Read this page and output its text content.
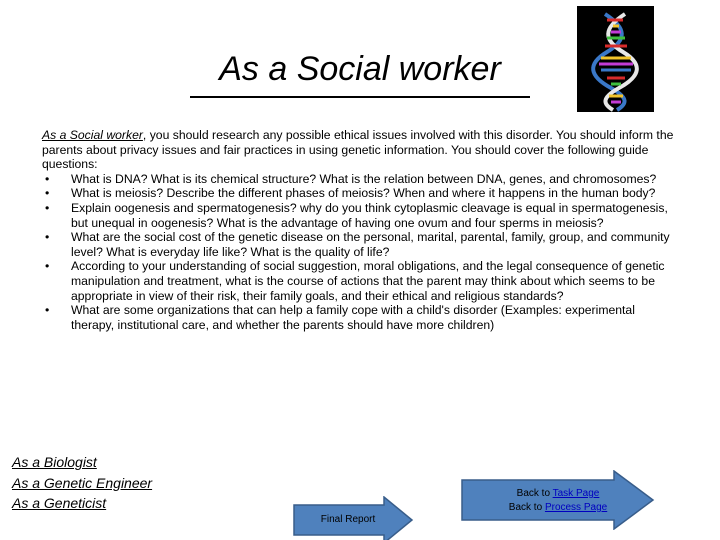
As a Social worker

As a Social worker, you should research any possible ethical issues involved with this disorder. You should inform the parents about privacy issues and fair practices in using genetic information. You should cover the following guide questions:

• What is DNA? What is its chemical structure? What is the relation between DNA, genes, and chromosomes?
• What is meiosis? Describe the different phases of meiosis? When and where it happens in the human body?
• Explain oogenesis and spermatogenesis? why do you think cytoplasmic cleavage is equal in spermatogenesis, but unequal in oogenesis? What is the advantage of having one ovum and four sperms in meiosis?
• What are the social cost of the genetic disease on the personal, marital, parental, family, group, and community level? What is everyday life like? What is the quality of life?
• According to your understanding of social suggestion, moral obligations, and the legal consequence of genetic manipulation and treatment, what is the course of actions that the parent may think about which seems to be appropriate in view of their risk, their family goals, and their ethical and religious standards?
• What are some organizations that can help a family cope with a child's disorder (Examples: experimental therapy, institutional care, and whether the parents should have more children)
As a Biologist
As a Genetic Engineer
As a Geneticist
Final Report
Back to Task Page
Back to Process Page
